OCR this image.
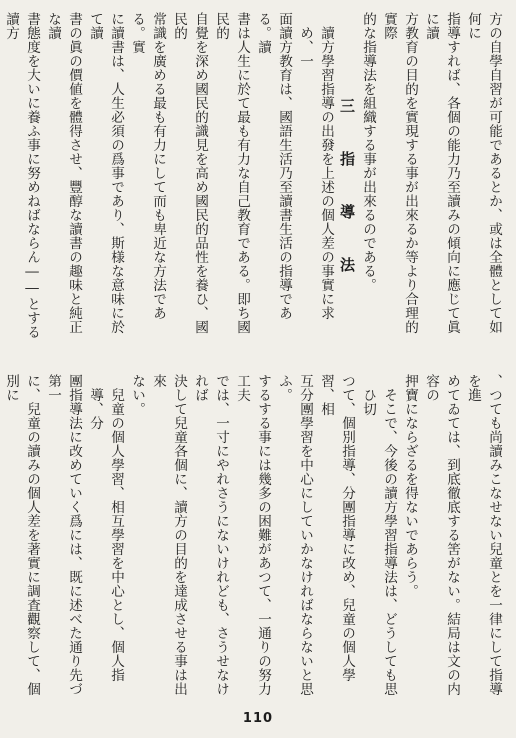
方の自學自習が可能であるとか、或は全體として如何に

指導すれば、各個の能力乃至讀みの傾向に應じて眞に讀

方教育の目的を實現する事が出來るか等より合理的實際

的な指導法を組織する事が出來るのである。

三 指 導 法

讀方學習指導の出發を上述の個人差の事實に求め、一

面讀方教育は、國語生活乃至讀書生活の指導である。讀

書は人生に於て最も有力な自己教育である。即ち國民的

自覺を深め國民的識見を高め國民的品性を養ひ、國民的

常識を廣める最も有力にして而も卑近な方法である。實

に讀書は、人生必須の爲事であり、斯様な意味に於て讀

書の眞の價値を體得させ、豐醇な讀書の趣味と純正な讀

書態度を大いに養ふ事に努めねばならん――とする讀方

、つても尚讀みこなせない兒童とを一律にして指導を進

めてゐては、到底徹底する筈がない。結局は文の内容の

押寶にならざるを得ないであらう。

そこで、今後の讀方學習指導法は、どうしても思ひ切

つて、個別指導、分團指導に改め、兒童の個人學習、相

互分團學習を中心にしていかなければならないと思ふ。

するする事には幾多の困難があつて、一通りの努力工夫

では、一寸にやれさうにないけれども、さうせなければ

決して兒童各個に、讀方の目的を達成させる事は出來

ない。

兒童の個人學習、相互學習を中心とし、個人指導、分

團指導法に改めていく爲には、既に述べた通り先づ第一

に、兒童の讀みの個人差を著實に調査觀察して、個別に

110
